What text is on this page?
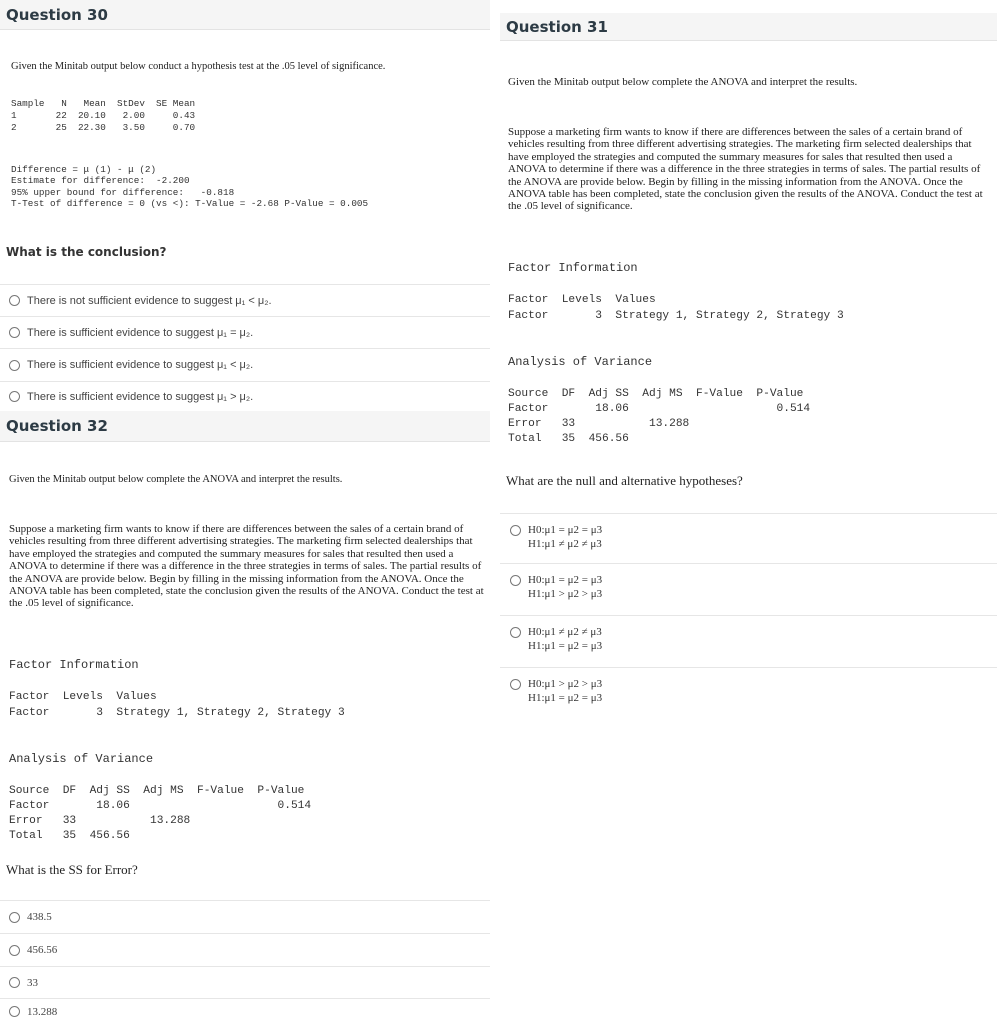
Question 30
Given the Minitab output below conduct a hypothesis test at the .05 level of significance.
Sample   N   Mean  StDev  SE Mean
1       22  20.10   2.00     0.43
2       25  22.30   3.50     0.70
Difference = μ (1) - μ (2)
Estimate for difference:  -2.200
95% upper bound for difference:   -0.818
T-Test of difference = 0 (vs <): T-Value = -2.68 P-Value = 0.005
What is the conclusion?
There is not sufficient evidence to suggest μ₁ < μ₂.
There is sufficient evidence to suggest μ₁ = μ₂.
There is sufficient evidence to suggest μ₁ < μ₂.
There is sufficient evidence to suggest μ₁ > μ₂.
Question 32
Given the Minitab output below complete the ANOVA and interpret the results.
Suppose a marketing firm wants to know if there are differences between the sales of a certain brand of vehicles resulting from three different advertising strategies. The marketing firm selected dealerships that have employed the strategies and computed the summary measures for sales that resulted then used a ANOVA to determine if there was a difference in the three strategies in terms of sales. The partial results of the ANOVA are provide below. Begin by filling in the missing information from the ANOVA. Once the ANOVA table has been completed, state the conclusion given the results of the ANOVA. Conduct the test at the .05 level of significance.
Factor Information
Factor  Levels  Values
Factor       3  Strategy 1, Strategy 2, Strategy 3
Analysis of Variance
Source  DF  Adj SS  Adj MS  F-Value  P-Value
Factor       18.06                      0.514
Error   33           13.288
Total   35  456.56
What is the SS for Error?
438.5
456.56
33
13.288
Question 31
Given the Minitab output below complete the ANOVA and interpret the results.
Suppose a marketing firm wants to know if there are differences between the sales of a certain brand of vehicles resulting from three different advertising strategies. The marketing firm selected dealerships that have employed the strategies and computed the summary measures for sales that resulted then used a ANOVA to determine if there was a difference in the three strategies in terms of sales. The partial results of the ANOVA are provide below. Begin by filling in the missing information from the ANOVA. Once the ANOVA table has been completed, state the conclusion given the results of the ANOVA. Conduct the test at the .05 level of significance.
Factor Information
Factor  Levels  Values
Factor       3  Strategy 1, Strategy 2, Strategy 3
Analysis of Variance
Source  DF  Adj SS  Adj MS  F-Value  P-Value
Factor       18.06                      0.514
Error   33           13.288
Total   35  456.56
What are the null and alternative hypotheses?
H0:μ1 = μ2 = μ3
H1:μ1 ≠ μ2 ≠ μ3
H0:μ1 = μ2 = μ3
H1:μ1 > μ2 > μ3
H0:μ1 ≠ μ2 ≠ μ3
H1:μ1 = μ2 = μ3
H0:μ1 > μ2 > μ3
H1:μ1 = μ2 = μ3
